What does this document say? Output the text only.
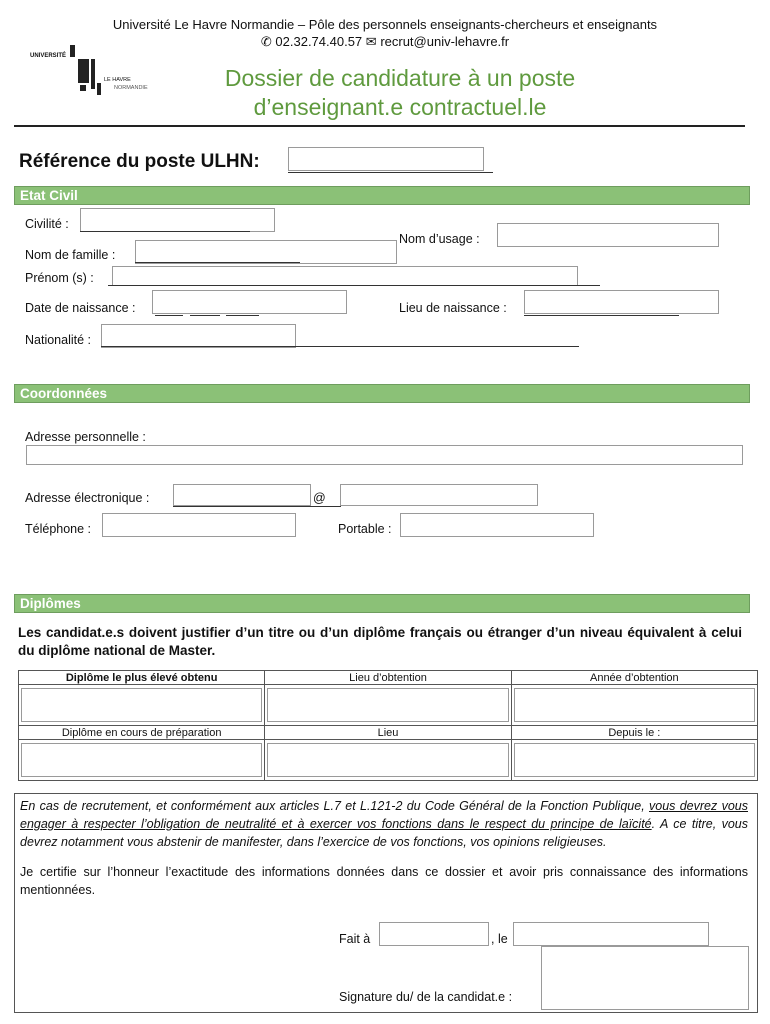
Université Le Havre Normandie – Pôle des personnels enseignants-chercheurs et enseignants
✆ 02.32.74.40.57 ✉ recrut@univ-lehavre.fr
UNIVERSITÉ
LE HAVRE
NORMANDIE	Dossier de candidature à un poste
d’enseignant.e contractuel.le
Référence du poste ULHN:
Etat Civil
Civilité :
Nom d’usage :
Nom de famille :
Prénom (s) :
Date de naissance :	Lieu de naissance :
Nationalité :
Coordonnées
Adresse personnelle :
Adresse électronique :	@
Téléphone :	Portable :
Diplômes
Les candidat.e.s doivent justifier d’un titre ou d’un diplôme français ou étranger d’un niveau équivalent à celui du diplôme national de Master.
Diplôme le plus élevé obtenu	Lieu d’obtention	Année d’obtention

Diplôme en cours de préparation	Lieu	Depuis le :

En cas de recrutement, et conformément aux articles L.7 et L.121-2 du Code Général de la Fonction Publique, vous devrez vous engager à respecter l’obligation de neutralité et à exercer vos fonctions dans le respect du principe de laïcité. A ce titre, vous devrez notamment vous abstenir de manifester, dans l’exercice de vos fonctions, vos opinions religieuses.

Je certifie sur l’honneur l’exactitude des informations données dans ce dossier et avoir pris connaissance des informations mentionnées.

Fait à	, le
Signature du/ de la candidat.e :
